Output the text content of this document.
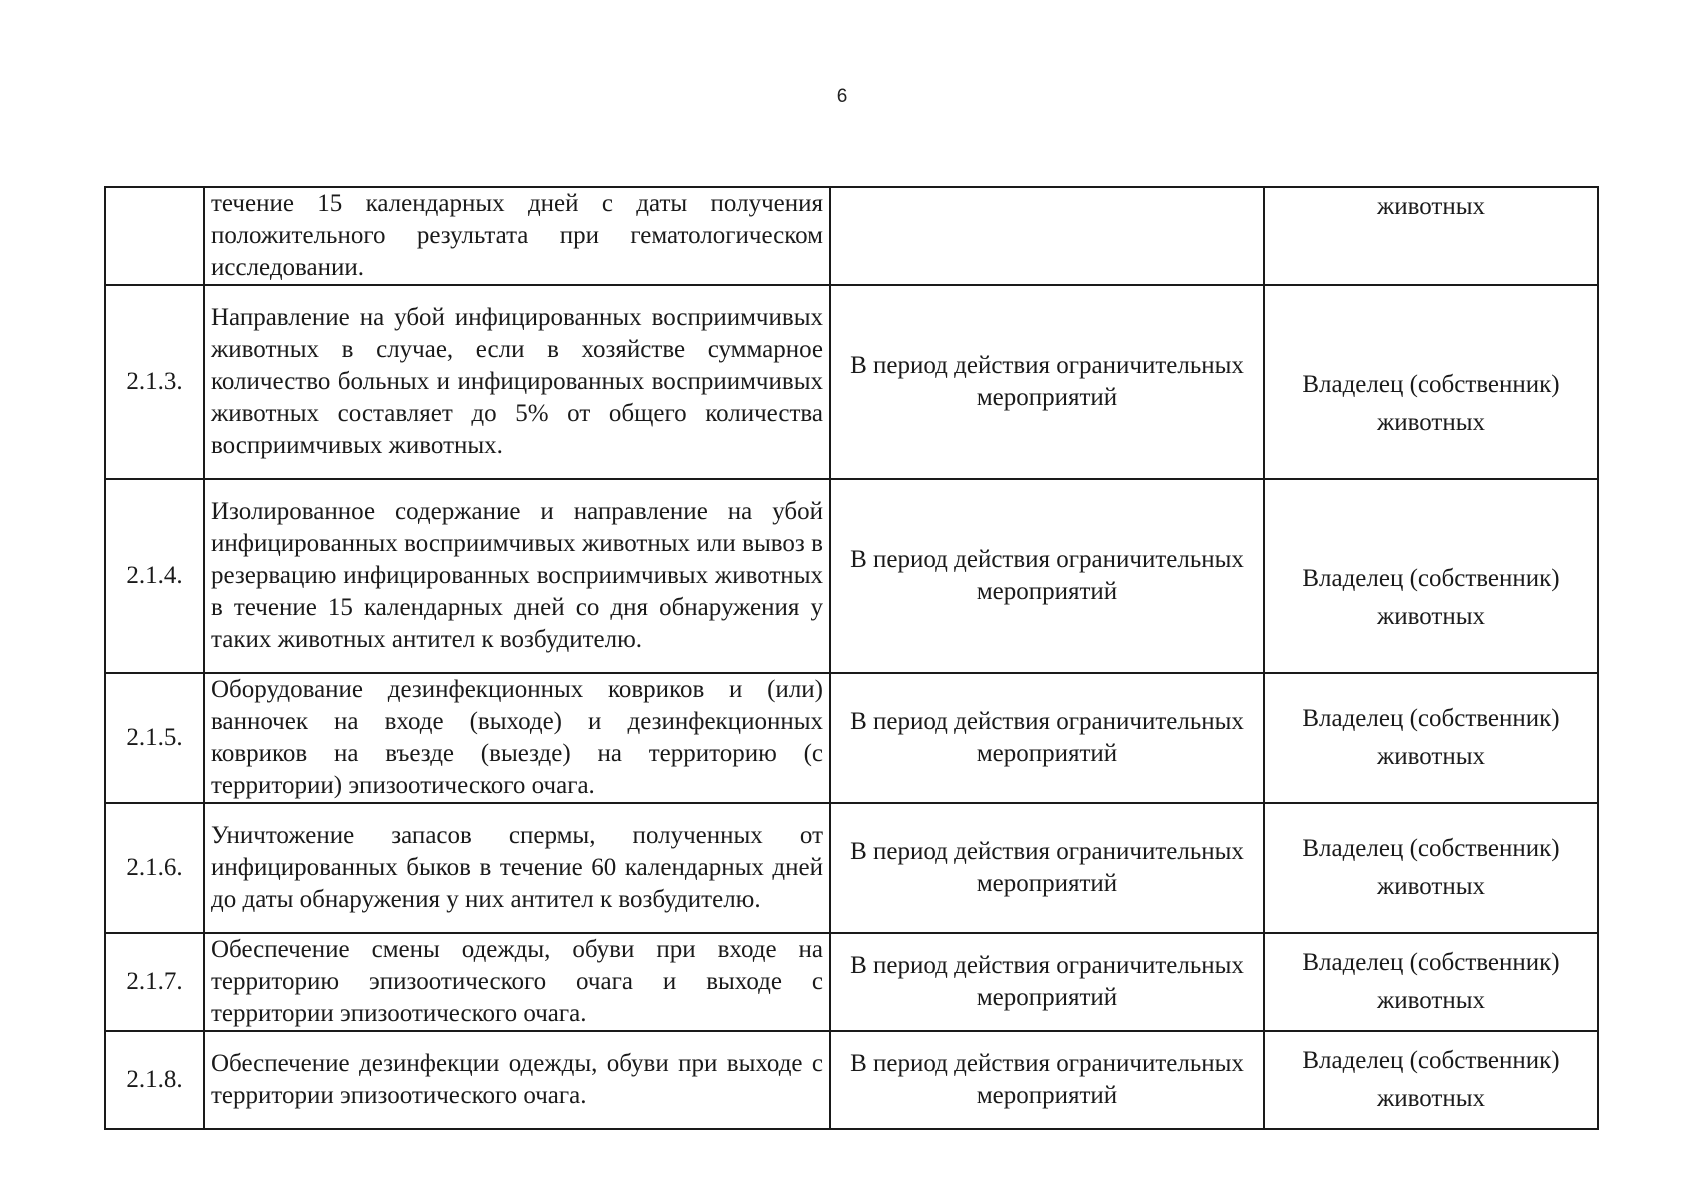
6
	течение 15 календарных дней с даты получения положительного результата при гематологическом исследовании.		животных

2.1.3.	Направление на убой инфицированных восприимчивых животных в случае, если в хозяйстве суммарное количество больных и инфицированных восприимчивых животных составляет до 5% от общего количества восприимчивых животных.	В период действия ограничительных мероприятий	Владелец (собственник)
животных

2.1.4.	Изолированное содержание и направление на убой инфицированных восприимчивых животных или вывоз в резервацию инфицированных восприимчивых животных в течение 15 календарных дней со дня обнаружения у таких животных антител к возбудителю.	В период действия ограничительных мероприятий	Владелец (собственник)
животных

2.1.5.	Оборудование дезинфекционных ковриков и (или) ванночек на входе (выходе) и дезинфекционных ковриков на въезде (выезде) на территорию (с территории) эпизоотического очага.	В период действия ограничительных мероприятий	Владелец (собственник)
животных

2.1.6.	Уничтожение запасов спермы, полученных от инфицированных быков в течение 60 календарных дней до даты обнаружения у них антител к возбудителю.	В период действия ограничительных мероприятий	Владелец (собственник)
животных

2.1.7.	Обеспечение смены одежды, обуви при входе на территорию эпизоотического очага и выходе с территории эпизоотического очага.	В период действия ограничительных мероприятий	Владелец (собственник)
животных

2.1.8.	Обеспечение дезинфекции одежды, обуви при выходе с территории эпизоотического очага.	В период действия ограничительных мероприятий	Владелец (собственник)
животных
